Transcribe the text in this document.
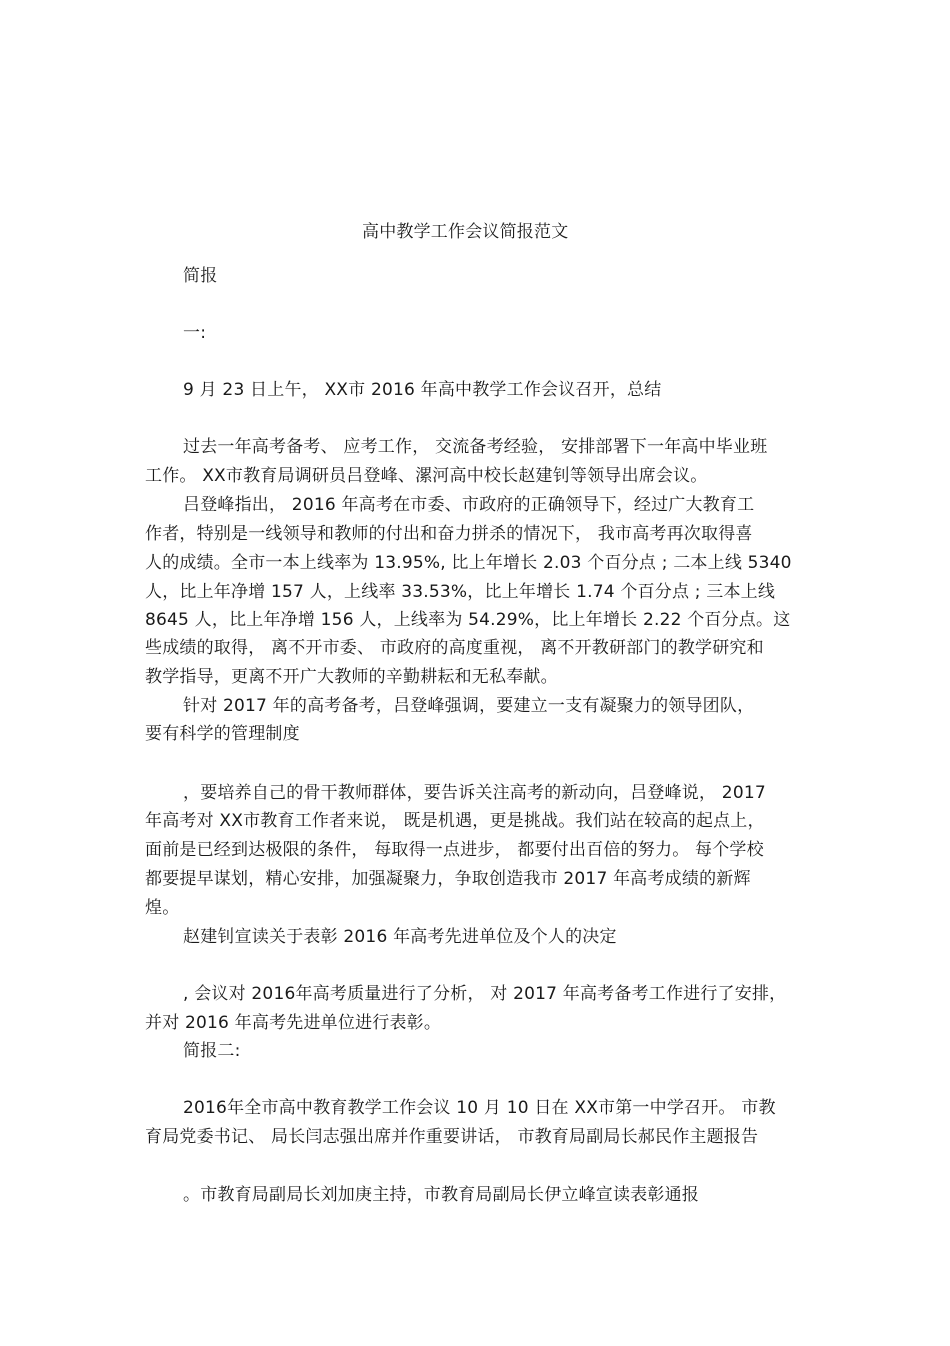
高中教学工作会议简报范文

简报

一:

9 月 23 日上午， XX市 2016 年高中教学工作会议召开，总结

过去一年高考备考、 应考工作， 交流备考经验， 安排部署下一年高中毕业班

工作。 XX市教育局调研员吕登峰、漯河高中校长赵建钊等领导出席会议。

吕登峰指出， 2016 年高考在市委、市政府的正确领导下，经过广大教育工

作者，特别是一线领导和教师的付出和奋力拼杀的情况下， 我市高考再次取得喜

人的成绩。全市一本上线率为 13.95%, 比上年增长 2.03 个百分点 ; 二本上线 5340

人，比上年净增 157 人，上线率 33.53%，比上年增长 1.74 个百分点 ; 三本上线

8645 人，比上年净增 156 人，上线率为 54.29%，比上年增长 2.22 个百分点。这

些成绩的取得， 离不开市委、 市政府的高度重视， 离不开教研部门的教学研究和

教学指导，更离不开广大教师的辛勤耕耘和无私奉献。

针对 2017 年的高考备考，吕登峰强调，要建立一支有凝聚力的领导团队，

要有科学的管理制度

，要培养自己的骨干教师群体，要告诉关注高考的新动向，吕登峰说， 2017

年高考对 XX市教育工作者来说， 既是机遇，更是挑战。我们站在较高的起点上，

面前是已经到达极限的条件， 每取得一点进步， 都要付出百倍的努力。 每个学校

都要提早谋划，精心安排，加强凝聚力，争取创造我市 2017 年高考成绩的新辉

煌。

赵建钊宣读关于表彰 2016 年高考先进单位及个人的决定

, 会议对 2016年高考质量进行了分析， 对 2017 年高考备考工作进行了安排，

并对 2016 年高考先进单位进行表彰。

简报二:

2016年全市高中教育教学工作会议 10 月 10 日在 XX市第一中学召开。 市教

育局党委书记、 局长闫志强出席并作重要讲话， 市教育局副局长郝民作主题报告

。市教育局副局长刘加庚主持，市教育局副局长伊立峰宣读表彰通报
